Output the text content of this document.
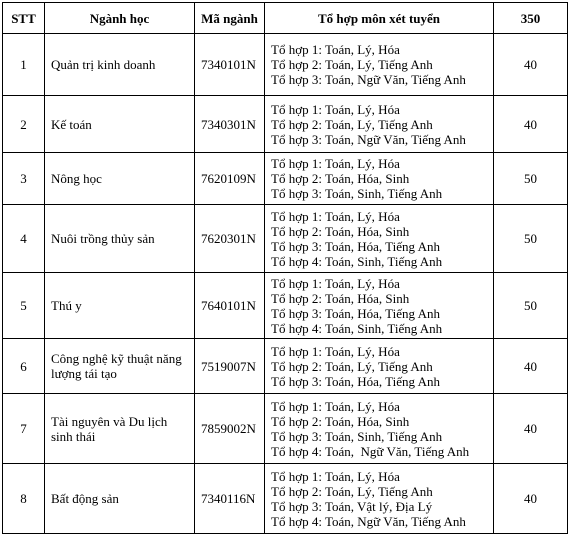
STT	Ngành học	Mã ngành	Tổ hợp môn xét tuyển	350
1	Quản trị kinh doanh	7340101N	Tổ hợp 1: Toán, Lý, Hóa
Tổ hợp 2: Toán, Lý, Tiếng Anh
Tổ hợp 3: Toán, Ngữ Văn, Tiếng Anh	40
2	Kế toán	7340301N	Tổ hợp 1: Toán, Lý, Hóa
Tổ hợp 2: Toán, Lý, Tiếng Anh
Tổ hợp 3: Toán, Ngữ Văn, Tiếng Anh	40
3	Nông học	7620109N	Tổ hợp 1: Toán, Lý, Hóa
Tổ hợp 2: Toán, Hóa, Sinh
Tổ hợp 3: Toán, Sinh, Tiếng Anh	50
4	Nuôi trồng thủy sản	7620301N	Tổ hợp 1: Toán, Lý, Hóa
Tổ hợp 2: Toán, Hóa, Sinh
Tổ hợp 3: Toán, Hóa, Tiếng Anh
Tổ hợp 4: Toán, Sinh, Tiếng Anh	50
5	Thú y	7640101N	Tổ hợp 1: Toán, Lý, Hóa
Tổ hợp 2: Toán, Hóa, Sinh
Tổ hợp 3: Toán, Hóa, Tiếng Anh
Tổ hợp 4: Toán, Sinh, Tiếng Anh	50
6	Công nghệ kỹ thuật năng lượng tái tạo	7519007N	Tổ hợp 1: Toán, Lý, Hóa
Tổ hợp 2: Toán, Lý, Tiếng Anh
Tổ hợp 3: Toán, Hóa, Tiếng Anh	40
7	Tài nguyên và Du lịch sinh thái	7859002N	Tổ hợp 1: Toán, Lý, Hóa
Tổ hợp 2: Toán, Hóa, Sinh
Tổ hợp 3: Toán, Sinh, Tiếng Anh
Tổ hợp 4: Toán,  Ngữ Văn, Tiếng Anh	40
8	Bất động sản	7340116N	Tổ hợp 1: Toán, Lý, Hóa
Tổ hợp 2: Toán, Lý, Tiếng Anh
Tổ hợp 3: Toán, Vật lý, Địa Lý
Tổ hợp 4: Toán, Ngữ Văn, Tiếng Anh	40
